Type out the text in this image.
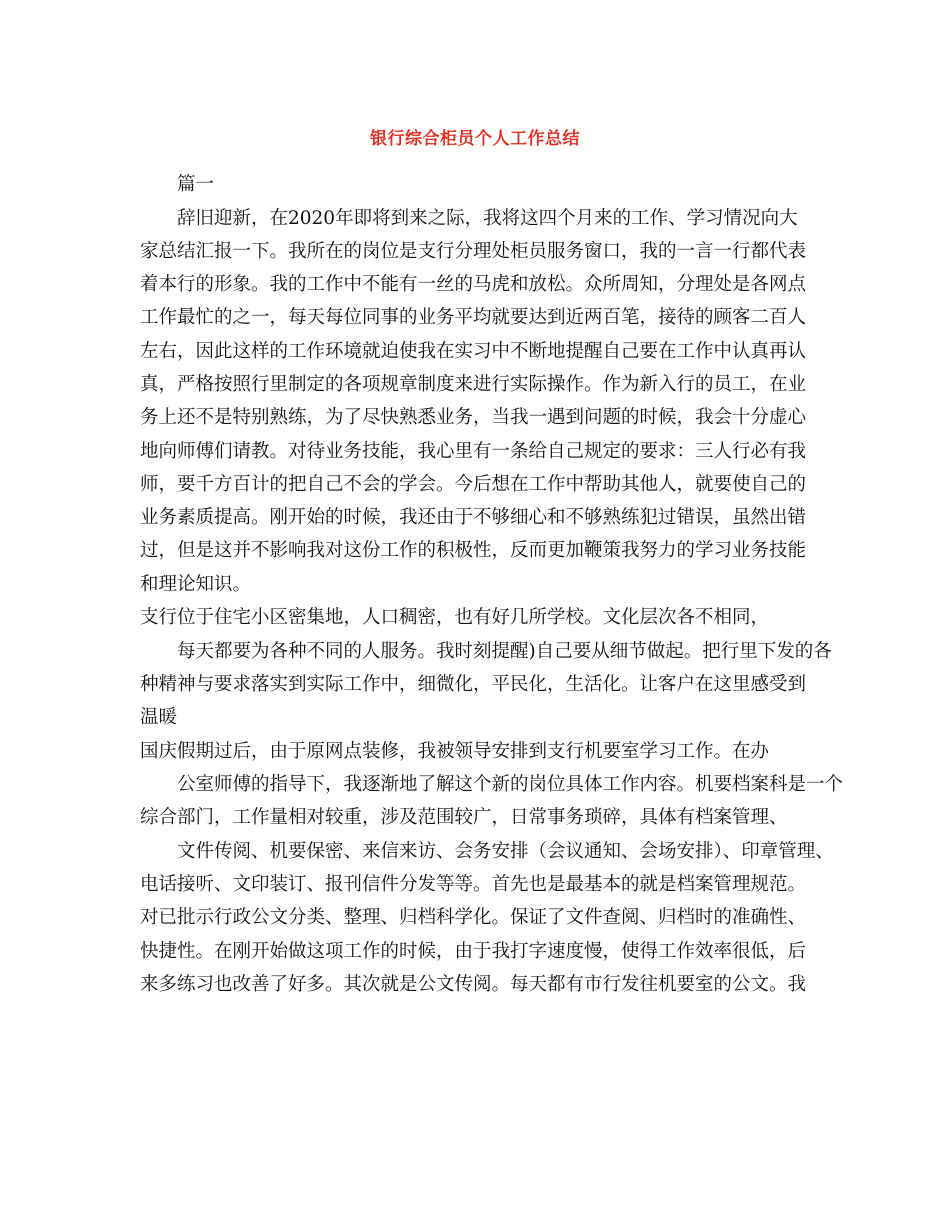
银行综合柜员个人工作总结
篇一
辞旧迎新，在2020年即将到来之际，我将这四个月来的工作、学习情况向大
家总结汇报一下。我所在的岗位是支行分理处柜员服务窗口，我的一言一行都代表
着本行的形象。我的工作中不能有一丝的马虎和放松。众所周知，分理处是各网点
工作最忙的之一，每天每位同事的业务平均就要达到近两百笔，接待的顾客二百人
左右，因此这样的工作环境就迫使我在实习中不断地提醒自己要在工作中认真再认
真，严格按照行里制定的各项规章制度来进行实际操作。作为新入行的员工，在业
务上还不是特别熟练，为了尽快熟悉业务，当我一遇到问题的时候，我会十分虚心
地向师傅们请教。对待业务技能，我心里有一条给自己规定的要求：三人行必有我
师，要千方百计的把自己不会的学会。今后想在工作中帮助其他人，就要使自己的
业务素质提高。刚开始的时候，我还由于不够细心和不够熟练犯过错误，虽然出错
过，但是这并不影响我对这份工作的积极性，反而更加鞭策我努力的学习业务技能
和理论知识。
支行位于住宅小区密集地，人口稠密，也有好几所学校。文化层次各不相同，
每天都要为各种不同的人服务。我时刻提醒)自己要从细节做起。把行里下发的各
种精神与要求落实到实际工作中，细微化，平民化，生活化。让客户在这里感受到
温暖
国庆假期过后，由于原网点装修，我被领导安排到支行机要室学习工作。在办
公室师傅的指导下，我逐渐地了解这个新的岗位具体工作内容。机要档案科是一个
综合部门，工作量相对较重，涉及范围较广，日常事务琐碎，具体有档案管理、
文件传阅、机要保密、来信来访、会务安排（会议通知、会场安排）、印章管理、
电话接听、文印装订、报刊信件分发等等。首先也是最基本的就是档案管理规范。
对已批示行政公文分类、整理、归档科学化。保证了文件查阅、归档时的准确性、
快捷性。在刚开始做这项工作的时候，由于我打字速度慢，使得工作效率很低，后
来多练习也改善了好多。其次就是公文传阅。每天都有市行发往机要室的公文。我
